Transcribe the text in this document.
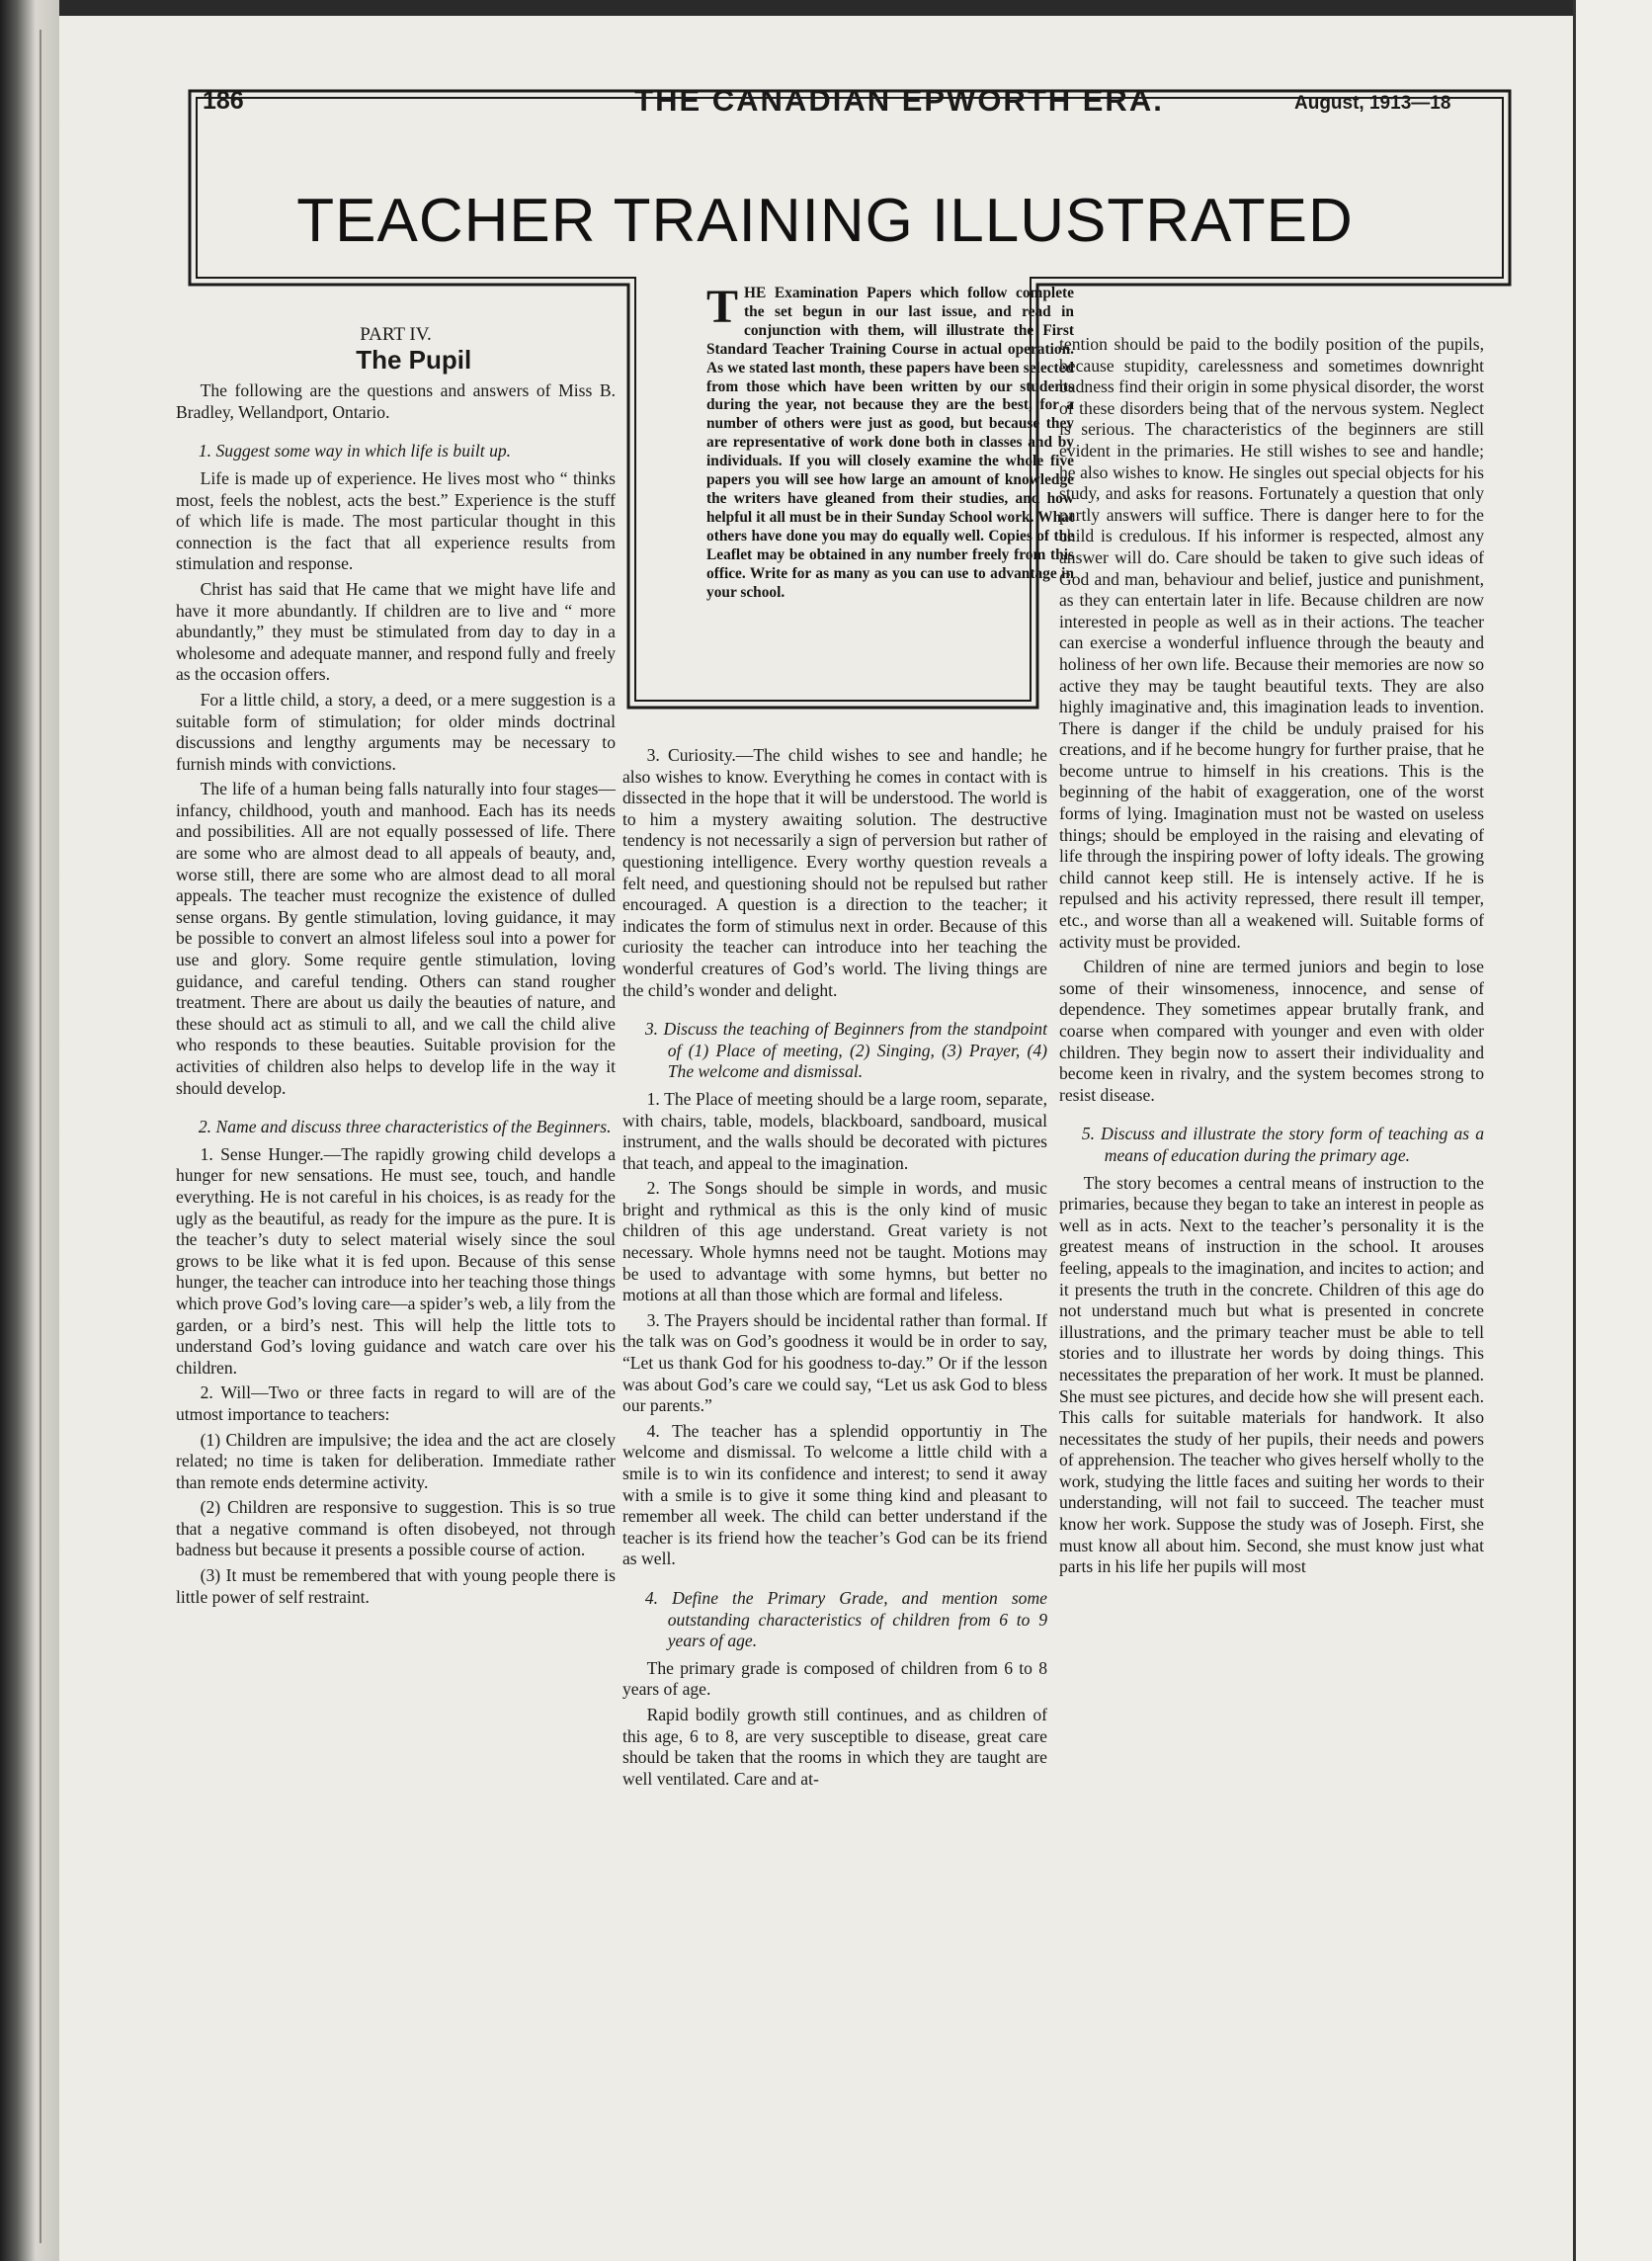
186	THE CANADIAN EPWORTH ERA.	August, 1913—18
TEACHER TRAINING ILLUSTRATED
THE Examination Papers which follow complete the set begun in our last issue, and read in conjunction with them, will illustrate the First Standard Teacher Training Course in actual operation. As we stated last month, these papers have been selected from those which have been written by our students during the year, not because they are the best, for a number of others were just as good, but because they are representative of work done both in classes and by individuals. If you will closely examine the whole five papers you will see how large an amount of knowledge the writers have gleaned from their studies, and how helpful it all must be in their Sunday School work. What others have done you may do equally well. Copies of the Leaflet may be obtained in any number freely from this office. Write for as many as you can use to advantage in your school.

PART IV.

The Pupil

The following are the questions and answers of Miss B. Bradley, Wellandport, Ontario.

1. Suggest some way in which life is built up.

Life is made up of experience. He lives most who “ thinks most, feels the noblest, acts the best.” Experience is the stuff of which life is made. The most particular thought in this connection is the fact that all experience results from stimulation and response.

Christ has said that He came that we might have life and have it more abundantly. If children are to live and “ more abundantly,” they must be stimulated from day to day in a wholesome and adequate manner, and respond fully and freely as the occasion offers.

For a little child, a story, a deed, or a mere suggestion is a suitable form of stimulation; for older minds doctrinal discussions and lengthy arguments may be necessary to furnish minds with convictions.

The life of a human being falls naturally into four stages—infancy, childhood, youth and manhood. Each has its needs and possibilities. All are not equally possessed of life. There are some who are almost dead to all appeals of beauty, and, worse still, there are some who are almost dead to all moral appeals. The teacher must recognize the existence of dulled sense organs. By gentle stimulation, loving guidance, it may be possible to convert an almost lifeless soul into a power for use and glory. Some require gentle stimulation, loving guidance, and careful tending. Others can stand rougher treatment. There are about us daily the beauties of nature, and these should act as stimuli to all, and we call the child alive who responds to these beauties. Suitable provision for the activities of children also helps to develop life in the way it should develop.

2. Name and discuss three characteristics of the Beginners.

1. Sense Hunger.—The rapidly growing child develops a hunger for new sensations. He must see, touch, and handle everything. He is not careful in his choices, is as ready for the ugly as the beautiful, as ready for the impure as the pure. It is the teacher’s duty to select material wisely since the soul grows to be like what it is fed upon. Because of this sense hunger, the teacher can introduce into her teaching those things which prove God’s loving care—a spider’s web, a lily from the garden, or a bird’s nest. This will help the little tots to understand God’s loving guidance and watch care over his children.

2. Will—Two or three facts in regard to will are of the utmost importance to teachers:

(1) Children are impulsive; the idea and the act are closely related; no time is taken for deliberation. Immediate rather than remote ends determine activity.

(2) Children are responsive to suggestion. This is so true that a negative command is often disobeyed, not through badness but because it presents a possible course of action.

(3) It must be remembered that with young people there is little power of self restraint.

3. Curiosity.—The child wishes to see and handle; he also wishes to know. Everything he comes in contact with is dissected in the hope that it will be understood. The world is to him a mystery awaiting solution. The destructive tendency is not necessarily a sign of perversion but rather of questioning intelligence. Every worthy question reveals a felt need, and questioning should not be repulsed but rather encouraged. A question is a direction to the teacher; it indicates the form of stimulus next in order. Because of this curiosity the teacher can introduce into her teaching the wonderful creatures of God’s world. The living things are the child’s wonder and delight.

3. Discuss the teaching of Beginners from the standpoint of (1) Place of meeting, (2) Singing, (3) Prayer, (4) The welcome and dismissal.

1. The Place of meeting should be a large room, separate, with chairs, table, models, blackboard, sandboard, musical instrument, and the walls should be decorated with pictures that teach, and appeal to the imagination.

2. The Songs should be simple in words, and music bright and rythmical as this is the only kind of music children of this age understand. Great variety is not necessary. Whole hymns need not be taught. Motions may be used to advantage with some hymns, but better no motions at all than those which are formal and lifeless.

3. The Prayers should be incidental rather than formal. If the talk was on God’s goodness it would be in order to say, “Let us thank God for his goodness to-day.” Or if the lesson was about God’s care we could say, “Let us ask God to bless our parents.”

4. The teacher has a splendid opportuntiy in The welcome and dismissal. To welcome a little child with a smile is to win its confidence and interest; to send it away with a smile is to give it some thing kind and pleasant to remember all week. The child can better understand if the teacher is its friend how the teacher’s God can be its friend as well.

4. Define the Primary Grade, and mention some outstanding characteristics of children from 6 to 9 years of age.

The primary grade is composed of children from 6 to 8 years of age.

Rapid bodily growth still continues, and as children of this age, 6 to 8, are very susceptible to disease, great care should be taken that the rooms in which they are taught are well ventilated. Care and at-

tention should be paid to the bodily position of the pupils, because stupidity, carelessness and sometimes downright badness find their origin in some physical disorder, the worst of these disorders being that of the nervous system. Neglect is serious. The characteristics of the beginners are still evident in the primaries. He still wishes to see and handle; he also wishes to know. He singles out special objects for his study, and asks for reasons. Fortunately a question that only partly answers will suffice. There is danger here to for the child is credulous. If his informer is respected, almost any answer will do. Care should be taken to give such ideas of God and man, behaviour and belief, justice and punishment, as they can entertain later in life. Because children are now interested in people as well as in their actions. The teacher can exercise a wonderful influence through the beauty and holiness of her own life. Because their memories are now so active they may be taught beautiful texts. They are also highly imaginative and, this imagination leads to invention. There is danger if the child be unduly praised for his creations, and if he become hungry for further praise, that he become untrue to himself in his creations. This is the beginning of the habit of exaggeration, one of the worst forms of lying. Imagination must not be wasted on useless things; should be employed in the raising and elevating of life through the inspiring power of lofty ideals. The growing child cannot keep still. He is intensely active. If he is repulsed and his activity repressed, there result ill temper, etc., and worse than all a weakened will. Suitable forms of activity must be provided.

Children of nine are termed juniors and begin to lose some of their winsomeness, innocence, and sense of dependence. They sometimes appear brutally frank, and coarse when compared with younger and even with older children. They begin now to assert their individuality and become keen in rivalry, and the system becomes strong to resist disease.

5. Discuss and illustrate the story form of teaching as a means of education during the primary age.

The story becomes a central means of instruction to the primaries, because they began to take an interest in people as well as in acts. Next to the teacher’s personality it is the greatest means of instruction in the school. It arouses feeling, appeals to the imagination, and incites to action; and it presents the truth in the concrete. Children of this age do not understand much but what is presented in concrete illustrations, and the primary teacher must be able to tell stories and to illustrate her words by doing things. This necessitates the preparation of her work. It must be planned. She must see pictures, and decide how she will present each. This calls for suitable materials for handwork. It also necessitates the study of her pupils, their needs and powers of apprehension. The teacher who gives herself wholly to the work, studying the little faces and suiting her words to their understanding, will not fail to succeed. The teacher must know her work. Suppose the study was of Joseph. First, she must know all about him. Second, she must know just what parts in his life her pupils will most
